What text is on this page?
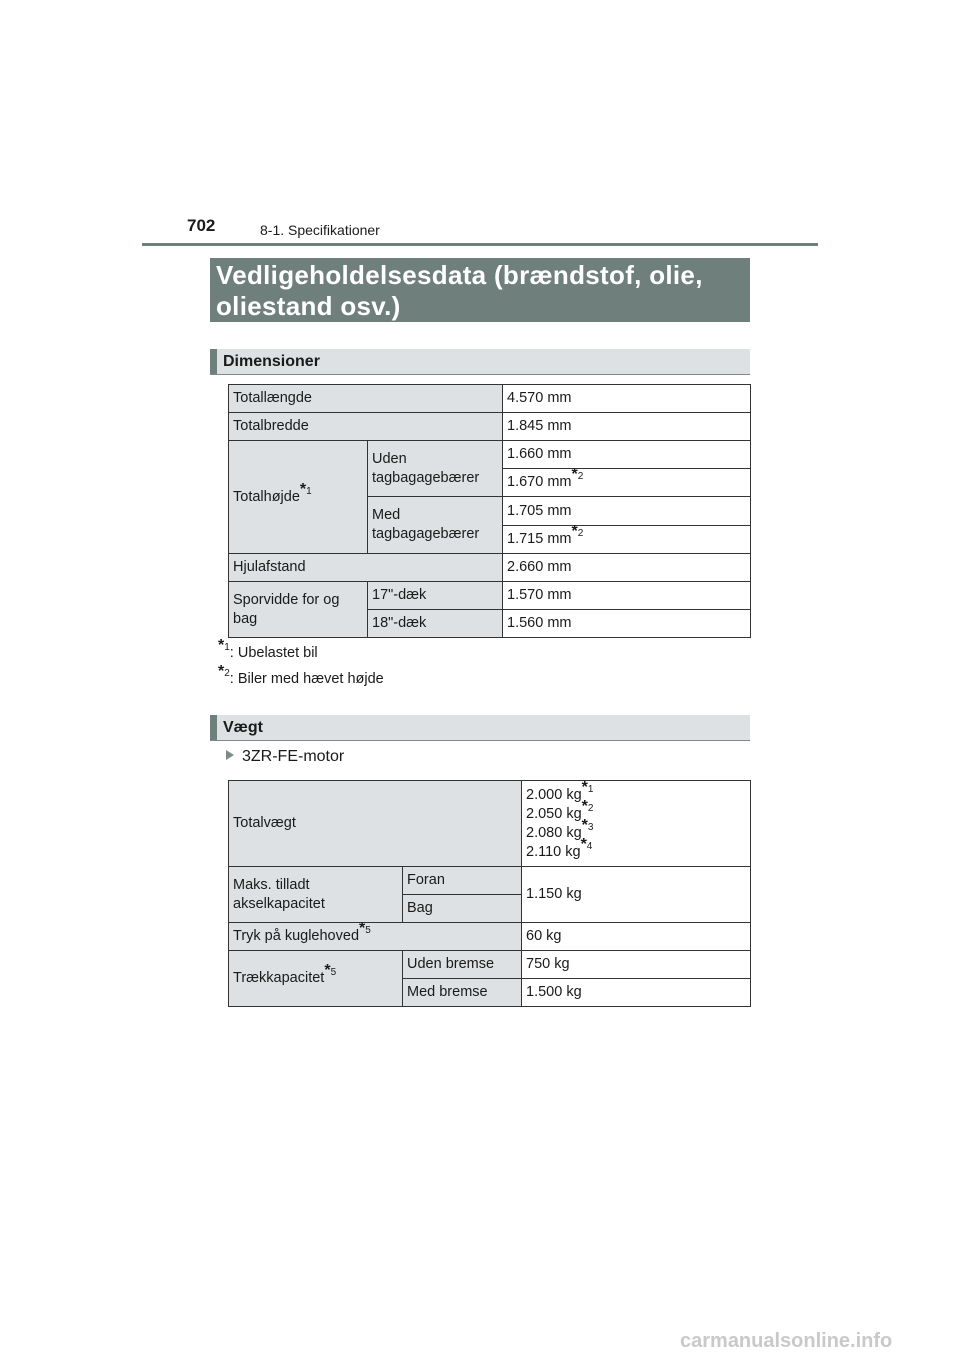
702	8-1. Specifikationer
Vedligeholdelsesdata (brændstof, olie, oliestand osv.)
Dimensioner
Totallængde		4.570 mm
Totalbredde		1.845 mm
Totalhøjde$^{*1}$	Uden tagbagagebærer	1.660 mm
		1.670 $mm^{*2}$
	Med tagbagagebærer	1.705 mm
		1.715 $mm^{*2}$
Hjulafstand		2.660 mm
Sporvidde for og bag	17"-dæk	1.570 mm
	18"-dæk	1.560 mm
$^{*1}$: Ubelastet bil
$^{*2}$: Biler med hævet højde
Vægt
3ZR-FE-motor
Totalvægt		2.000 $kg^{*1}$
2.050 $kg^{*2}$
2.080 $kg^{*3}$
2.110 $kg^{*4}$

Maks. tilladt akselkapacitet	Foran	1.150 kg
	Bag	
Tryk på kuglehoved$^{*5}$		60 kg
Trækkapacitet$^{*5}$	Uden bremse	750 kg
	Med bremse	1.500 kg
carmanualsonline.info
